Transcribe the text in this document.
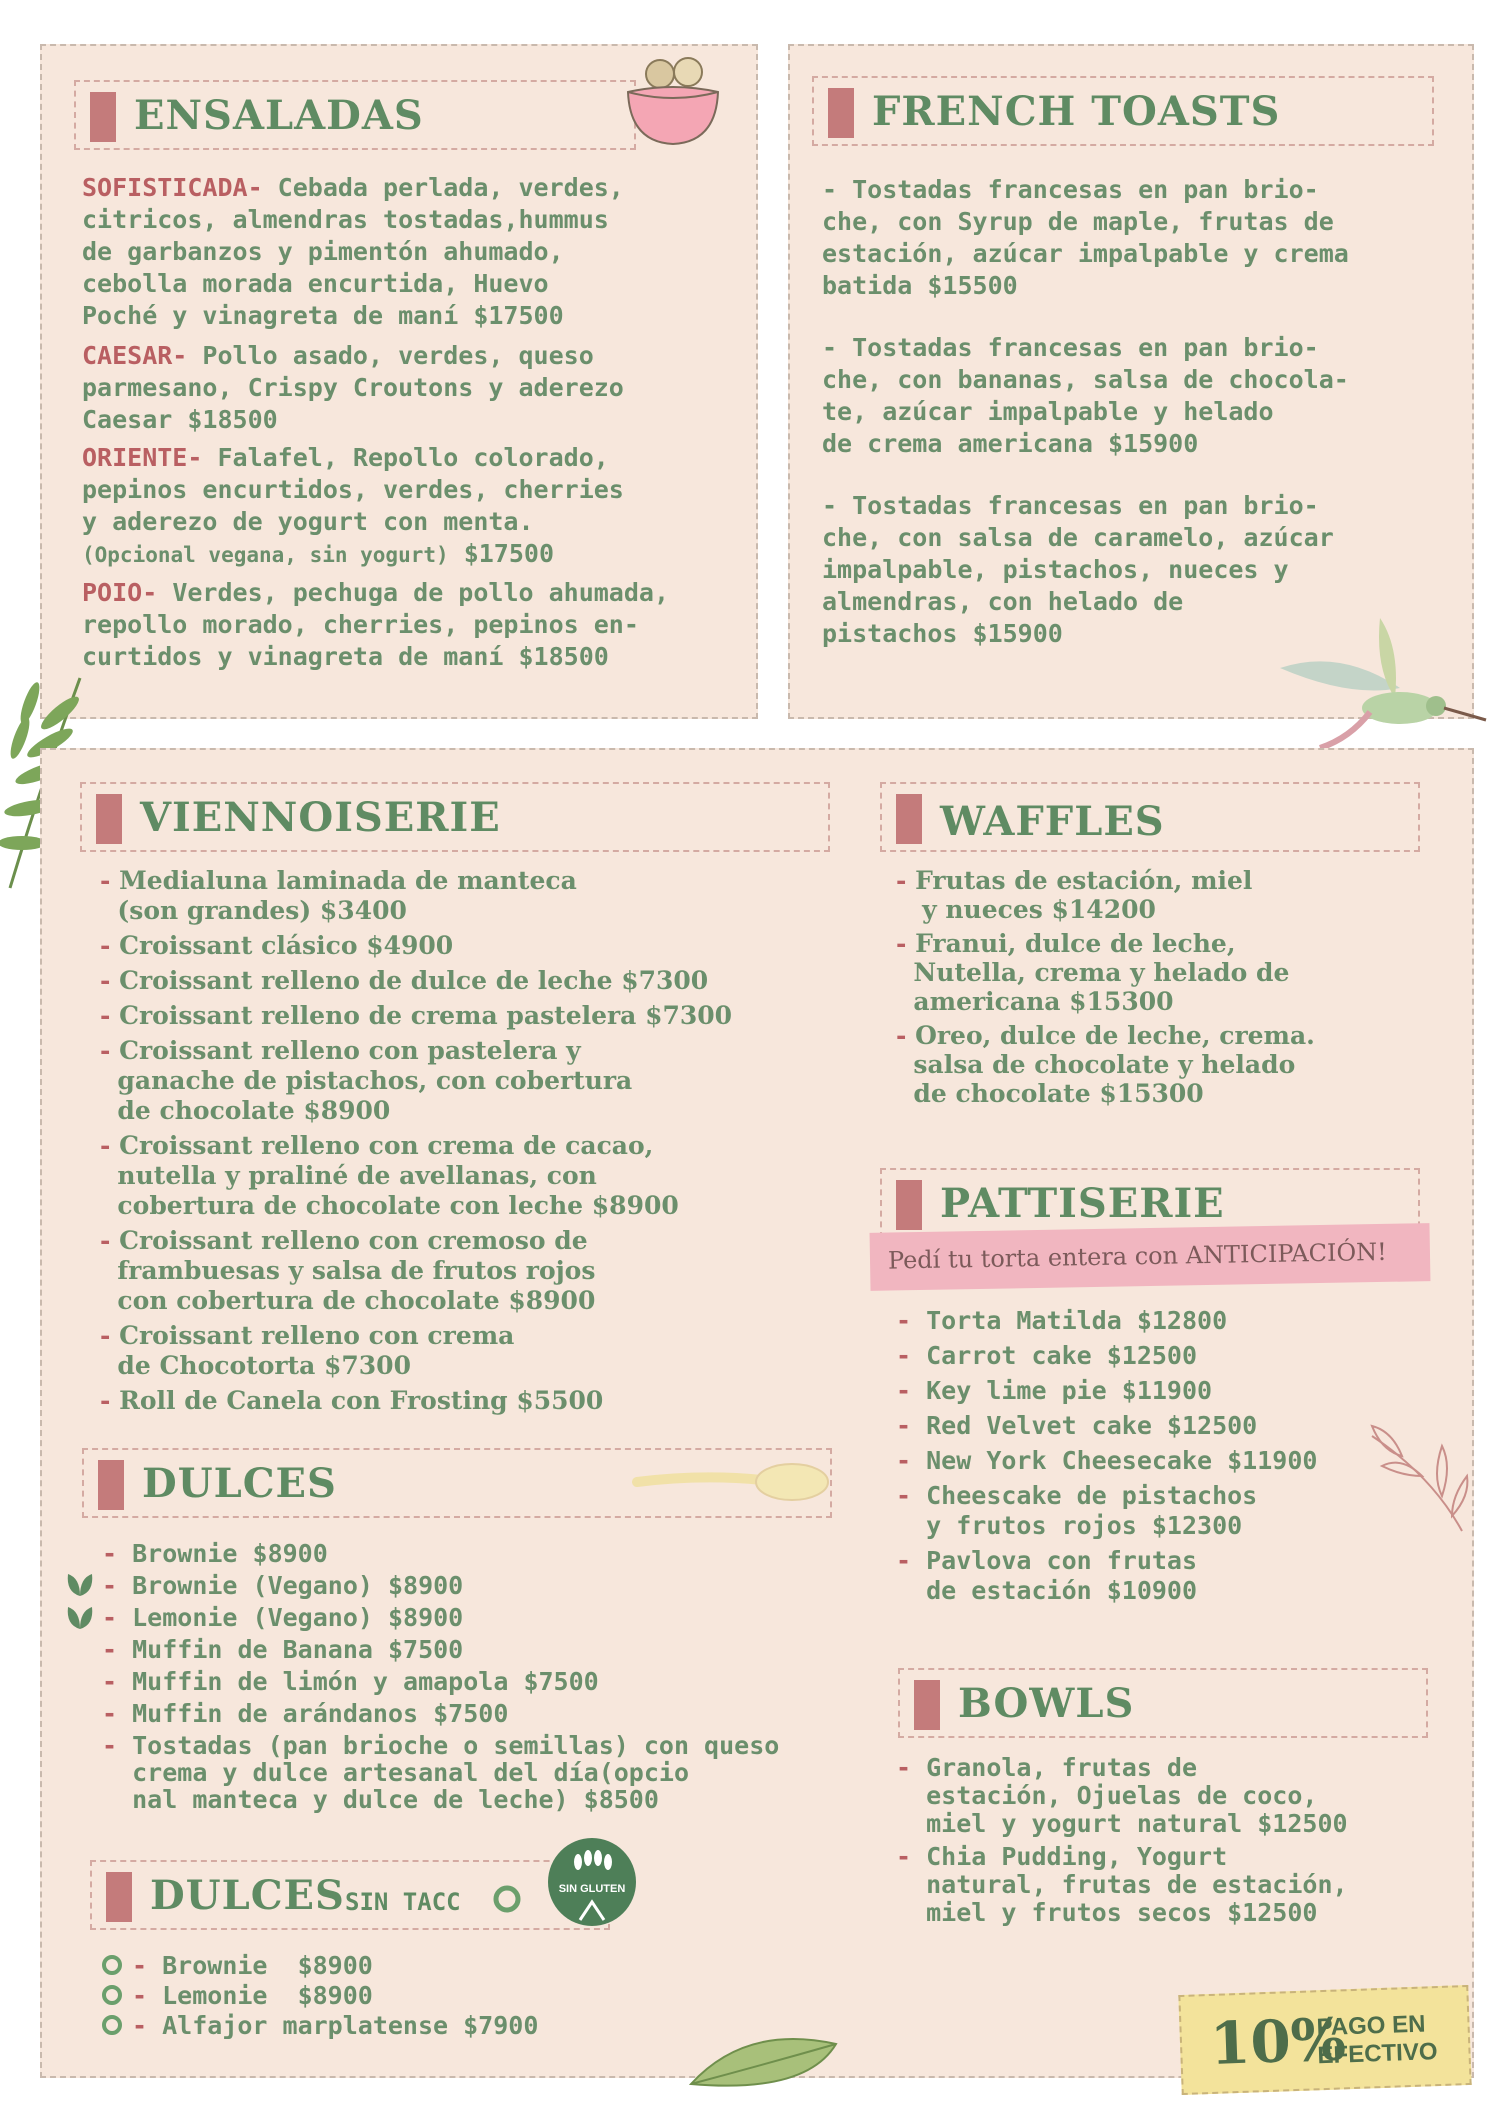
ENSALADAS
SOFISTICADA- Cebada perlada, verdes,
citricos, almendras tostadas,hummus
de garbanzos y pimentón ahumado,
cebolla morada encurtida, Huevo
Poché y vinagreta de maní $17500
CAESAR- Pollo asado, verdes, queso
parmesano, Crispy Croutons y aderezo
Caesar $18500
ORIENTE- Falafel, Repollo colorado,
pepinos encurtidos, verdes, cherries
y aderezo de yogurt con menta.
(Opcional vegana, sin yogurt) $17500
POIO- Verdes, pechuga de pollo ahumada,
repollo morado, cherries, pepinos en-
curtidos y vinagreta de maní $18500
FRENCH TOASTS
- Tostadas francesas en pan brio-
che, con Syrup de maple, frutas de
estación, azúcar impalpable y crema
batida $15500
- Tostadas francesas en pan brio-
che, con bananas, salsa de chocola-
te, azúcar impalpable y helado
de crema americana $15900
- Tostadas francesas en pan brio-
che, con salsa de caramelo, azúcar
impalpable, pistachos, nueces y
almendras, con helado de
pistachos $15900
VIENNOISERIE
- Medialuna laminada de manteca
(son grandes) $3400
- Croissant clásico $4900
- Croissant relleno de dulce de leche $7300
- Croissant relleno de crema pastelera $7300
- Croissant relleno con pastelera y
ganache de pistachos, con cobertura
de chocolate $8900
- Croissant relleno con crema de cacao,
nutella y praliné de avellanas, con
cobertura de chocolate con leche $8900
- Croissant relleno con cremoso de
frambuesas y salsa de frutos rojos
con cobertura de chocolate $8900
- Croissant relleno con crema
de Chocotorta $7300
- Roll de Canela con Frosting $5500
DULCES
- Brownie $8900
- Brownie (Vegano) $8900
- Lemonie (Vegano) $8900
- Muffin de Banana $7500
- Muffin de limón y amapola $7500
- Muffin de arándanos $7500
- Tostadas (pan brioche o semillas) con queso
crema y dulce artesanal del día(opcio
nal manteca y dulce de leche) $8500
DULCES SIN TACC	SIN GLUTEN
- Brownie  $8900
- Lemonie  $8900
- Alfajor marplatense $7900
WAFFLES
- Frutas de estación, miel
y nueces $14200
- Franui, dulce de leche,
Nutella, crema y helado de
americana $15300
- Oreo, dulce de leche, crema.
salsa de chocolate y helado
de chocolate $15300
PATTISERIE
Pedí tu torta entera con ANTICIPACIÓN!
- Torta Matilda $12800
- Carrot cake $12500
- Key lime pie $11900
- Red Velvet cake $12500
- New York Cheesecake $11900
- Cheescake de pistachos
y frutos rojos $12300
- Pavlova con frutas
de estación $10900
BOWLS
- Granola, frutas de
estación, Ojuelas de coco,
miel y yogurt natural $12500
- Chia Pudding, Yogurt
natural, frutas de estación,
miel y frutos secos $12500
10%
PAGO EN
EFECTIVO
